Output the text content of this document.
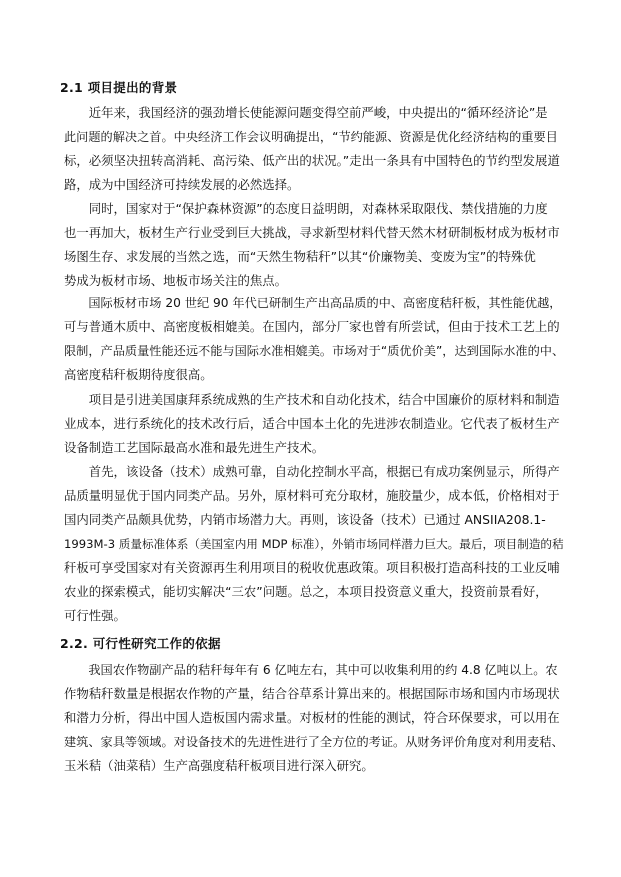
2.1 项目提出的背景
　　近年来，我国经济的强劲增长使能源问题变得空前严峻，中央提出的“循环经济论”是
此问题的解决之首。中央经济工作会议明确提出，“节约能源、资源是优化经济结构的重要目
标，必须坚决扭转高消耗、高污染、低产出的状况。”走出一条具有中国特色的节约型发展道
路，成为中国经济可持续发展的必然选择。
　　同时，国家对于“保护森林资源”的态度日益明朗，对森林采取限伐、禁伐措施的力度
也一再加大，板材生产行业受到巨大挑战，寻求新型材料代替天然木材研制板材成为板材市
场图生存、求发展的当然之选，而“天然生物秸秆”以其“价廉物美、变废为宝”的特殊优
势成为板材市场、地板市场关注的焦点。
　　国际板材市场 20 世纪 90 年代已研制生产出高品质的中、高密度秸秆板，其性能优越，
可与普通木质中、高密度板相媲美。在国内，部分厂家也曾有所尝试，但由于技术工艺上的
限制，产品质量性能还远不能与国际水准相媲美。市场对于“质优价美”，达到国际水准的中、
高密度秸秆板期待度很高。
　　项目是引进美国康拜系统成熟的生产技术和自动化技术，结合中国廉价的原材料和制造
业成本，进行系统化的技术改行后，适合中国本土化的先进涉农制造业。它代表了板材生产
设备制造工艺国际最高水准和最先进生产技术。
　　首先，该设备（技术）成熟可靠，自动化控制水平高，根据已有成功案例显示，所得产
品质量明显优于国内同类产品。另外，原材料可充分取材，施胶量少，成本低，价格相对于
国内同类产品颇具优势，内销市场潜力大。再则，该设备（技术）已通过 ANSIIA208.1-
1993M-3 质量标准体系（美国室内用 MDP 标准），外销市场同样潜力巨大。最后，项目制造的秸
秆板可享受国家对有关资源再生利用项目的税收优惠政策。项目积极打造高科技的工业反哺
农业的探索模式，能切实解决“三农”问题。总之，本项目投资意义重大，投资前景看好，
可行性强。
2.2. 可行性研究工作的依据
　　我国农作物副产品的秸秆每年有 6 亿吨左右，其中可以收集利用的约 4.8 亿吨以上。农
作物秸秆数量是根据农作物的产量，结合谷草系计算出来的。根据国际市场和国内市场现状
和潜力分析，得出中国人造板国内需求量。对板材的性能的测试，符合环保要求，可以用在
建筑、家具等领域。对设备技术的先进性进行了全方位的考证。从财务评价角度对利用麦秸、
玉米秸（油菜秸）生产高强度秸秆板项目进行深入研究。
